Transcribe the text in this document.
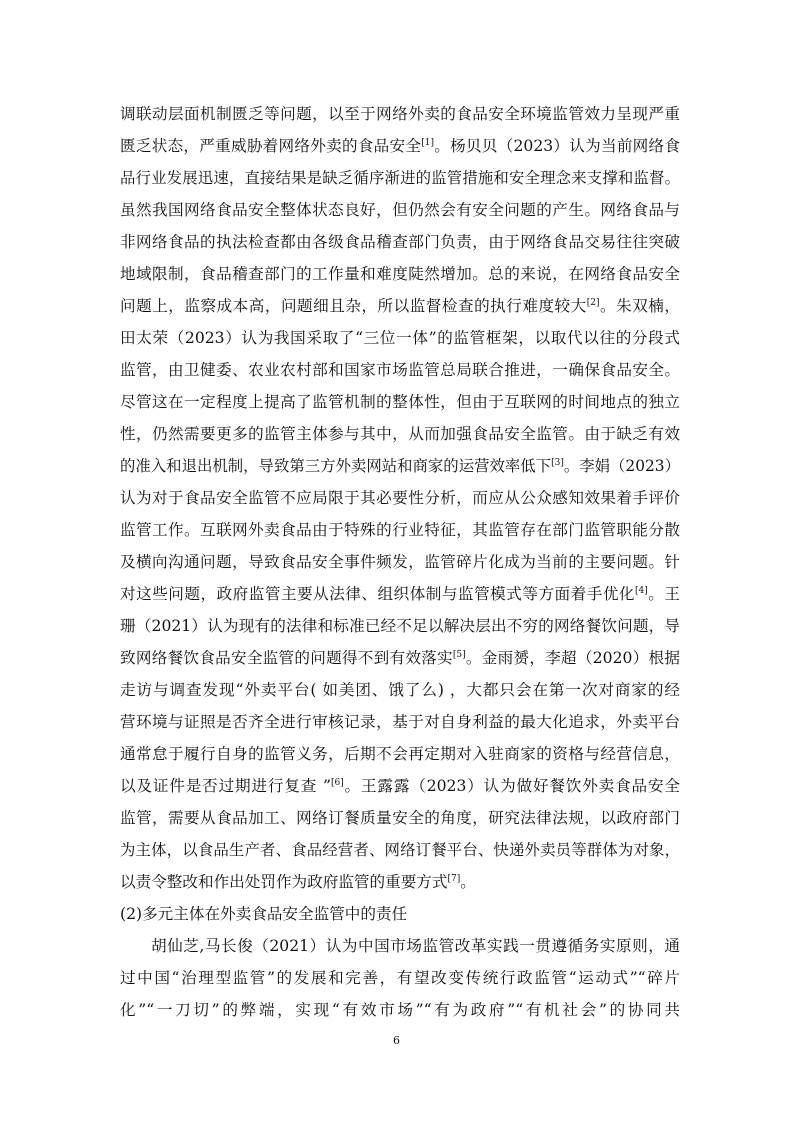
调联动层面机制匮乏等问题，以至于网络外卖的食品安全环境监管效力呈现严重
匮乏状态，严重威胁着网络外卖的食品安全[1]。杨贝贝（2023）认为当前网络食
品行业发展迅速，直接结果是缺乏循序渐进的监管措施和安全理念来支撑和监督。
虽然我国网络食品安全整体状态良好，但仍然会有安全问题的产生。网络食品与
非网络食品的执法检查都由各级食品稽查部门负责，由于网络食品交易往往突破
地域限制，食品稽查部门的工作量和难度陡然增加。总的来说，在网络食品安全
问题上，监察成本高，问题细且杂，所以监督检查的执行难度较大[2]。朱双楠，
田太荣（2023）认为我国采取了“三位一体”的监管框架，以取代以往的分段式
监管，由卫健委、农业农村部和国家市场监管总局联合推进，一确保食品安全。
尽管这在一定程度上提高了监管机制的整体性，但由于互联网的时间地点的独立
性，仍然需要更多的监管主体参与其中，从而加强食品安全监管。由于缺乏有效
的准入和退出机制，导致第三方外卖网站和商家的运营效率低下[3]。李娟（2023）
认为对于食品安全监管不应局限于其必要性分析，而应从公众感知效果着手评价
监管工作。互联网外卖食品由于特殊的行业特征，其监管存在部门监管职能分散
及横向沟通问题，导致食品安全事件频发，监管碎片化成为当前的主要问题。针
对这些问题，政府监管主要从法律、组织体制与监管模式等方面着手优化[4]。王
珊（2021）认为现有的法律和标准已经不足以解决层出不穷的网络餐饮问题，导
致网络餐饮食品安全监管的问题得不到有效落实[5]。金雨赟，李超（2020）根据
走访与调查发现“外卖平台( 如美团、饿了么) ，大都只会在第一次对商家的经
营环境与证照是否齐全进行审核记录，基于对自身利益的最大化追求，外卖平台
通常怠于履行自身的监管义务，后期不会再定期对入驻商家的资格与经营信息，
以及证件是否过期进行复查 ”[6]。王露露（2023）认为做好餐饮外卖食品安全
监管，需要从食品加工、网络订餐质量安全的角度，研究法律法规，以政府部门
为主体，以食品生产者、食品经营者、网络订餐平台、快递外卖员等群体为对象，
以责令整改和作出处罚作为政府监管的重要方式[7]。
(2)多元主体在外卖食品安全监管中的责任
胡仙芝,马长俊（2021）认为中国市场监管改革实践一贯遵循务实原则，通
过中国“治理型监管”的发展和完善，有望改变传统行政监管“运动式”“碎片
化”“一刀切”的弊端，实现“有效市场”“有为政府”“有机社会”的协同共
6
